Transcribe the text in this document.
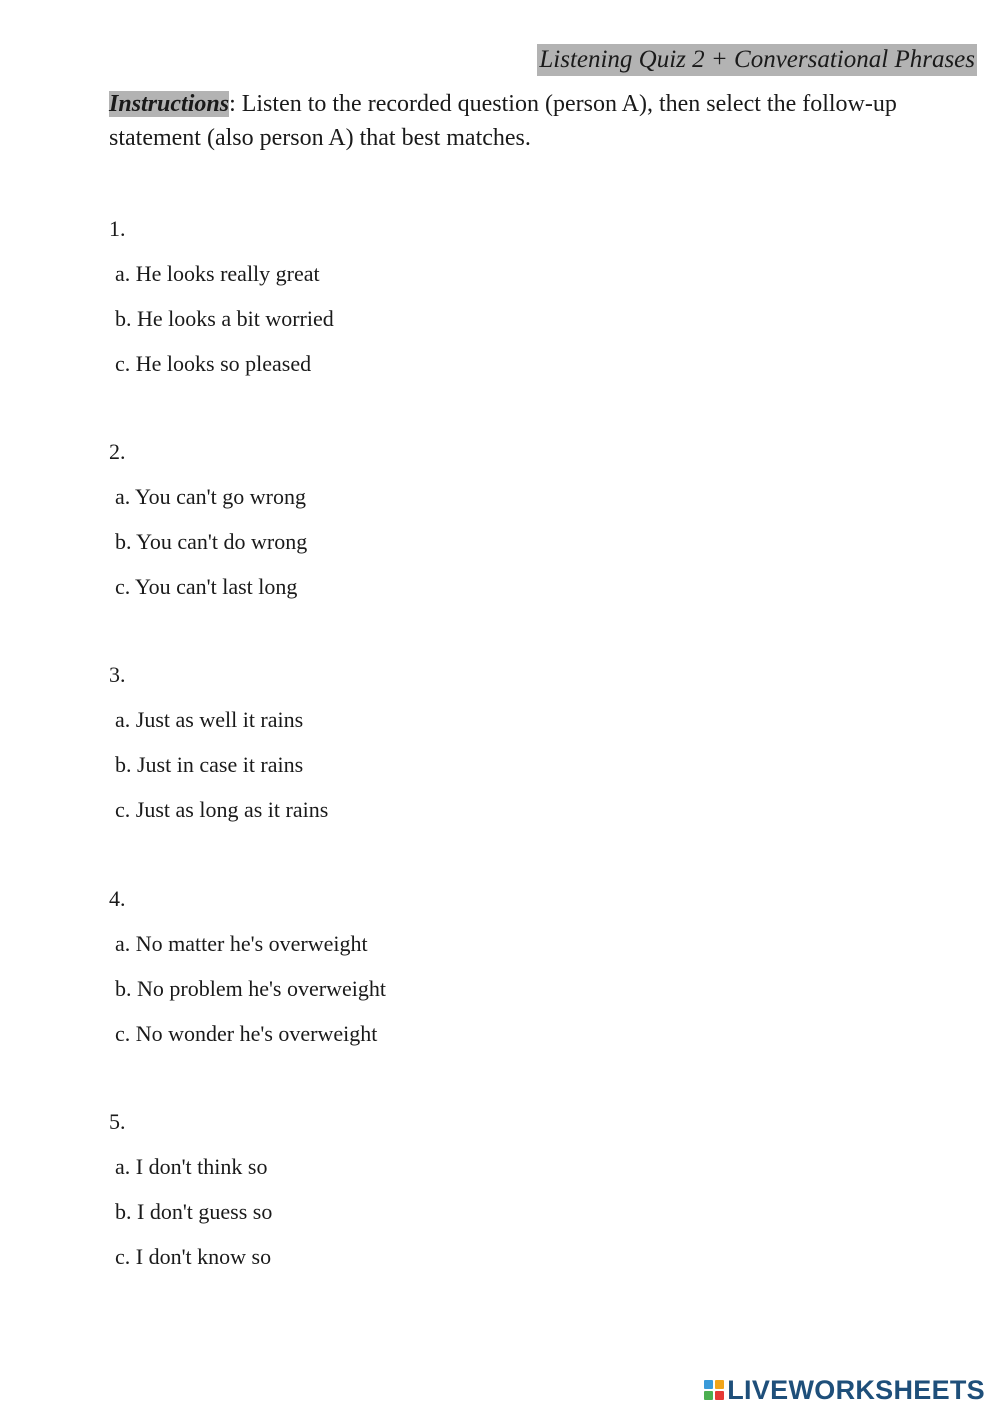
Listening Quiz 2 + Conversational Phrases
Instructions: Listen to the recorded question (person A), then select the follow-up statement (also person A) that best matches.
1.
a. He looks really great
b. He looks a bit worried
c. He looks so pleased
2.
a. You can't go wrong
b. You can't do wrong
c. You can't last long
3.
a. Just as well it rains
b. Just in case it rains
c. Just as long as it rains
4.
a. No matter he's overweight
b. No problem he's overweight
c. No wonder he's overweight
5.
a. I don't think so
b. I don't guess so
c. I don't know so
LIVEWORKSHEETS
